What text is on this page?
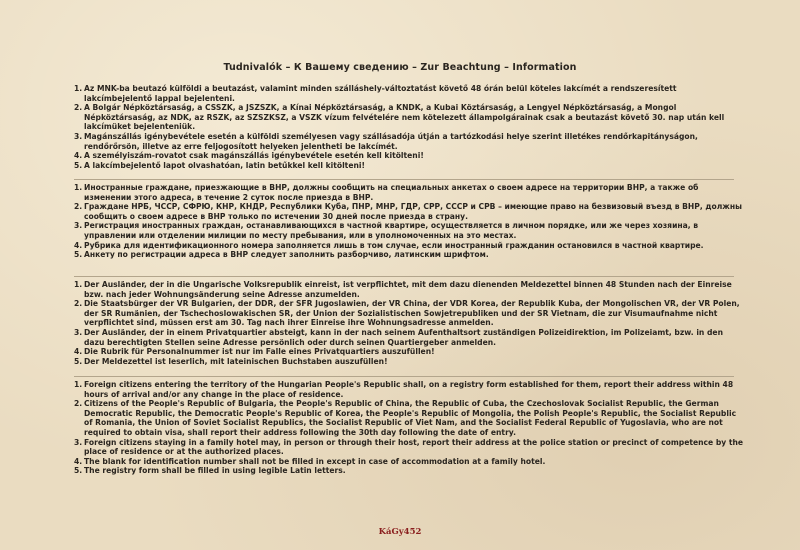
Tudnivalók – К Вашему сведению – Zur Beachtung – Information
1. Az MNK-ba beutazó külföldi a beutazást, valamint minden szálláshely-változtatást követő 48 órán belül köteles lakcímét a rendszeresített lakcímbejelentő lappal bejelenteni.
2. A Bolgár Népköztársaság, a CSSZK, a JSZSZK, a Kínai Népköztársaság, a KNDK, a Kubai Köztársaság, a Lengyel Népköztársaság, a Mongol Népköztársaság, az NDK, az RSZK, az SZSZKSZ, a VSZK vízum felvételére nem kötelezett állampolgárainak csak a beutazást követő 30. nap után kell lakcímüket bejelenteniük.
3. Magánszállás igénybevétele esetén a külföldi személyesen vagy szállásadója útján a tartózkodási helye szerint illetékes rendőrkapitányságon, rendőrőrsön, illetve az erre feljogosított helyeken jelentheti be lakcímét.
4. A személyiszám-rovatot csak magánszállás igénybevétele esetén kell kitölteni!
5. A lakcímbejelentő lapot olvashatóan, latin betűkkel kell kitölteni!
1. Иностранные граждане, приезжающие в ВНР, должны сообщить на специальных анкетах о своем адресе на территории ВНР, а также об изменении этого адреса, в течение 2 суток после приезда в ВНР.
2. Граждане НРБ, ЧССР, СФРЮ, КНР, КНДР, Республики Куба, ПНР, МНР, ГДР, СРР, СССР и СРВ – имеющие право на безвизовый въезд в ВНР, должны сообщить о своем адресе в ВНР только по истечении 30 дней после приезда в страну.
3. Регистрация иностранных граждан, останавливающихся в частной квартире, осуществляется в личном порядке, или же через хозяина, в управлении или отделении милиции по месту пребывания, или в уполномоченных на это местах.
4. Рубрика для идентификационного номера заполняется лишь в том случае, если иностранный гражданин остановился в частной квартире.
5. Анкету по регистрации адреса в ВНР следует заполнить разборчиво, латинским шрифтом.
1. Der Ausländer, der in die Ungarische Volksrepublik einreist, ist verpflichtet, mit dem dazu dienenden Meldezettel binnen 48 Stunden nach der Einreise bzw. nach jeder Wohnungsänderung seine Adresse anzumelden.
2. Die Staatsbürger der VR Bulgarien, der DDR, der SFR Jugoslawien, der VR China, der VDR Korea, der Republik Kuba, der Mongolischen VR, der VR Polen, der SR Rumänien, der Tschechoslowakischen SR, der Union der Sozialistischen Sowjetrepubliken und der SR Vietnam, die zur Visumaufnahme nicht verpflichtet sind, müssen erst am 30. Tag nach ihrer Einreise ihre Wohnungsadresse anmelden.
3. Der Ausländer, der in einem Privatquartier absteigt, kann in der nach seinem Aufenthaltsort zuständigen Polizeidirektion, im Polizeiamt, bzw. in den dazu berechtigten Stellen seine Adresse persönlich oder durch seinen Quartiergeber anmelden.
4. Die Rubrik für Personalnummer ist nur im Falle eines Privatquartiers auszufüllen!
5. Der Meldezettel ist leserlich, mit lateinischen Buchstaben auszufüllen!
1. Foreign citizens entering the territory of the Hungarian People's Republic shall, on a registry form established for them, report their address within 48 hours of arrival and/or any change in the place of residence.
2. Citizens of the People's Republic of Bulgaria, the People's Republic of China, the Republic of Cuba, the Czechoslovak Socialist Republic, the German Democratic Republic, the Democratic People's Republic of Korea, the People's Republic of Mongolia, the Polish People's Republic, the Socialist Republic of Romania, the Union of Soviet Socialist Republics, the Socialist Republic of Viet Nam, and the Socialist Federal Republic of Yugoslavia, who are not required to obtain visa, shall report their address following the 30th day following the date of entry.
3. Foreign citizens staying in a family hotel may, in person or through their host, report their address at the police station or precinct of competence by the place of residence or at the authorized places.
4. The blank for identification number shall not be filled in except in case of accommodation at a family hotel.
5. The registry form shall be filled in using legible Latin letters.
KáGy452
